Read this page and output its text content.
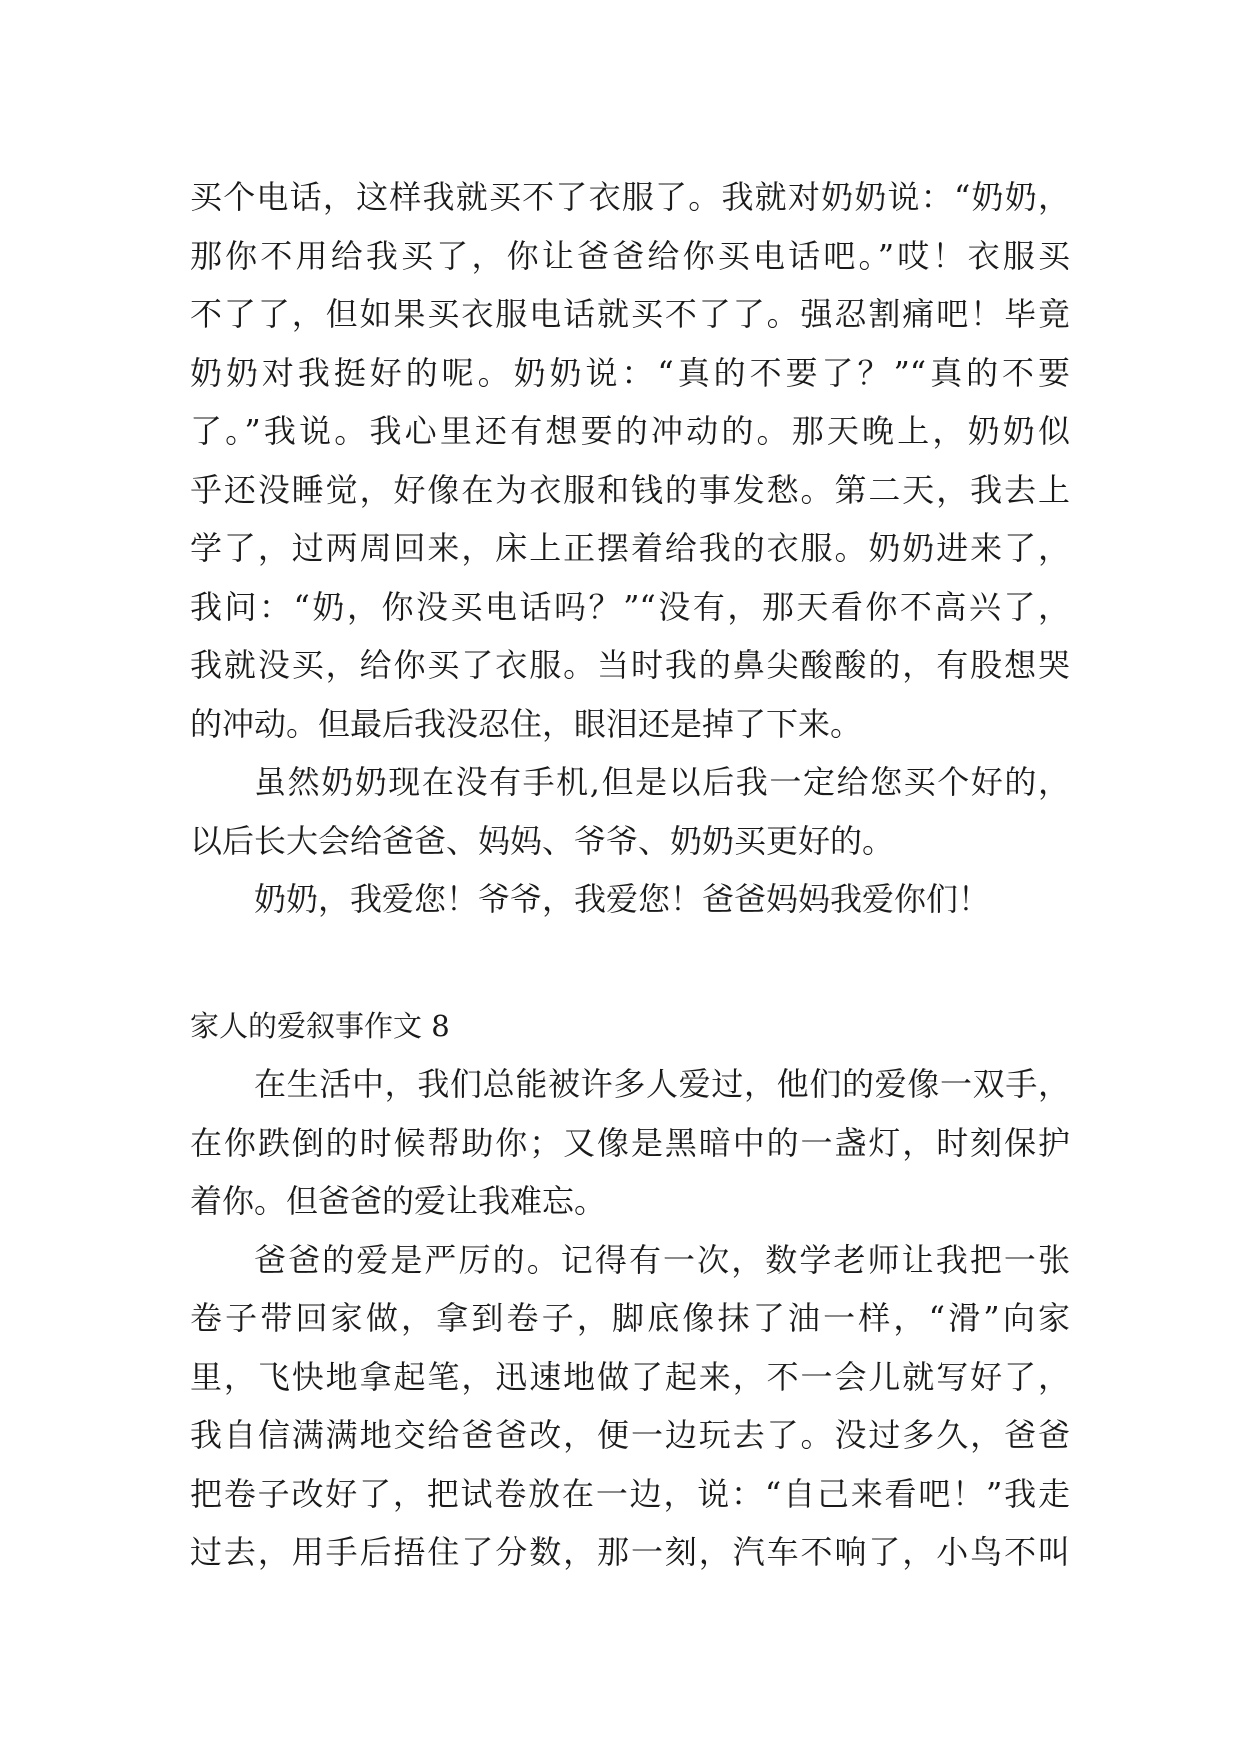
买个电话，这样我就买不了衣服了。我就对奶奶说：“奶奶，
那你不用给我买了，你让爸爸给你买电话吧。”哎！衣服买
不了了，但如果买衣服电话就买不了了。强忍割痛吧！毕竟
奶奶对我挺好的呢。奶奶说：“真的不要了？”“真的不要
了。”我说。我心里还有想要的冲动的。那天晚上，奶奶似
乎还没睡觉，好像在为衣服和钱的事发愁。第二天，我去上
学了，过两周回来，床上正摆着给我的衣服。奶奶进来了，
我问：“奶，你没买电话吗？”“没有，那天看你不高兴了，
我就没买，给你买了衣服。当时我的鼻尖酸酸的，有股想哭
的冲动。但最后我没忍住，眼泪还是掉了下来。
虽然奶奶现在没有手机,但是以后我一定给您买个好的，
以后长大会给爸爸、妈妈、爷爷、奶奶买更好的。
奶奶，我爱您！爷爷，我爱您！爸爸妈妈我爱你们！
家人的爱叙事作文 8
在生活中，我们总能被许多人爱过，他们的爱像一双手，
在你跌倒的时候帮助你；又像是黑暗中的一盏灯，时刻保护
着你。但爸爸的爱让我难忘。
爸爸的爱是严厉的。记得有一次，数学老师让我把一张
卷子带回家做，拿到卷子，脚底像抹了油一样，“滑”向家
里，飞快地拿起笔，迅速地做了起来，不一会儿就写好了，
我自信满满地交给爸爸改，便一边玩去了。没过多久，爸爸
把卷子改好了，把试卷放在一边，说：“自己来看吧！”我走
过去，用手后捂住了分数，那一刻，汽车不响了，小鸟不叫
